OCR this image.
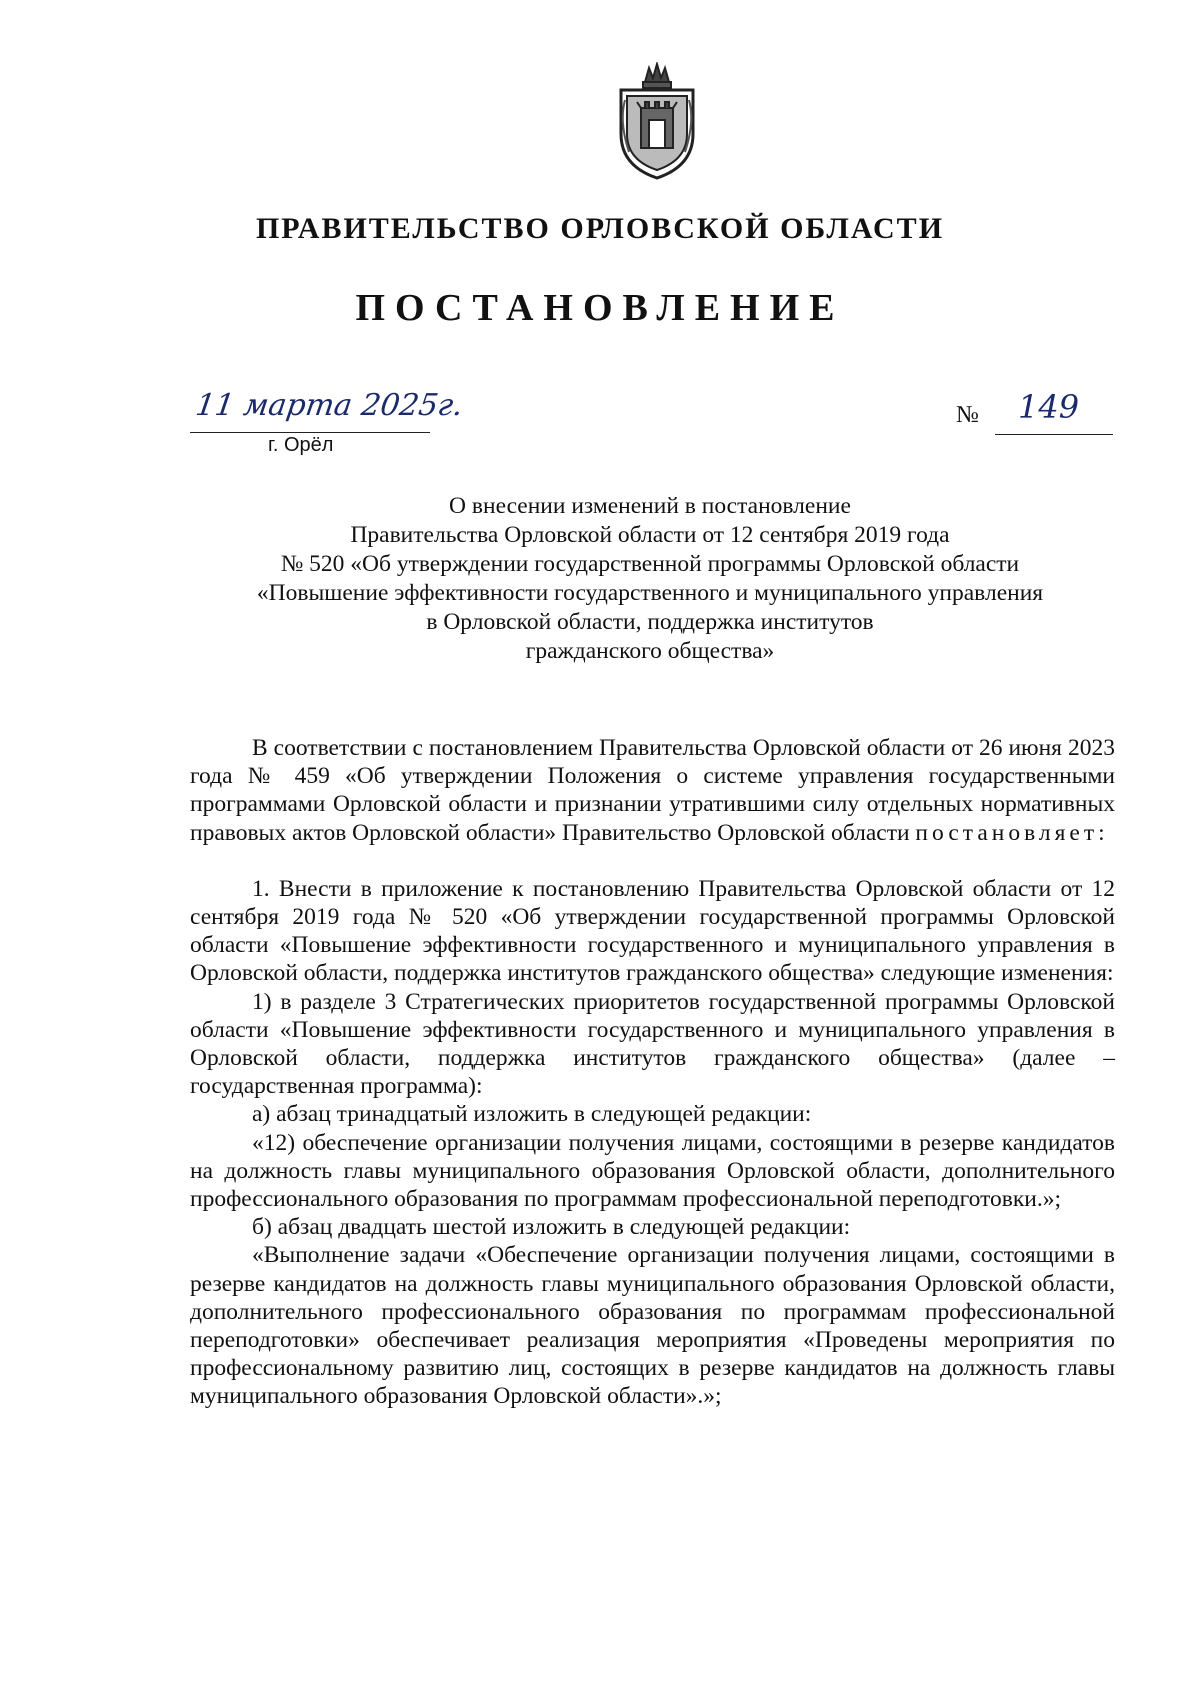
ПРАВИТЕЛЬСТВО ОРЛОВСКОЙ ОБЛАСТИ
ПОСТАНОВЛЕНИЕ
11 марта 2025г.
г. Орёл
№ 149
О внесении изменений в постановление
Правительства Орловской области от 12 сентября 2019 года
№ 520 «Об утверждении государственной программы Орловской области
«Повышение эффективности государственного и муниципального управления
в Орловской области, поддержка институтов
гражданского общества»

В соответствии с постановлением Правительства Орловской области от 26 июня 2023 года № 459 «Об утверждении Положения о системе управления государственными программами Орловской области и признании утратившими силу отдельных нормативных правовых актов Орловской области» Правительство Орловской области постановляет:

1. Внести в приложение к постановлению Правительства Орловской области от 12 сентября 2019 года № 520 «Об утверждении государственной программы Орловской области «Повышение эффективности государственного и муниципального управления в Орловской области, поддержка институтов гражданского общества» следующие изменения:

1) в разделе 3 Стратегических приоритетов государственной программы Орловской области «Повышение эффективности государственного и муниципального управления в Орловской области, поддержка институтов гражданского общества» (далее – государственная программа):

а) абзац тринадцатый изложить в следующей редакции:

«12) обеспечение организации получения лицами, состоящими в резерве кандидатов на должность главы муниципального образования Орловской области, дополнительного профессионального образования по программам профессиональной переподготовки.»;

б) абзац двадцать шестой изложить в следующей редакции:

«Выполнение задачи «Обеспечение организации получения лицами, состоящими в резерве кандидатов на должность главы муниципального образования Орловской области, дополнительного профессионального образования по программам профессиональной переподготовки» обеспечивает реализация мероприятия «Проведены мероприятия по профессиональному развитию лиц, состоящих в резерве кандидатов на должность главы муниципального образования Орловской области».»;
